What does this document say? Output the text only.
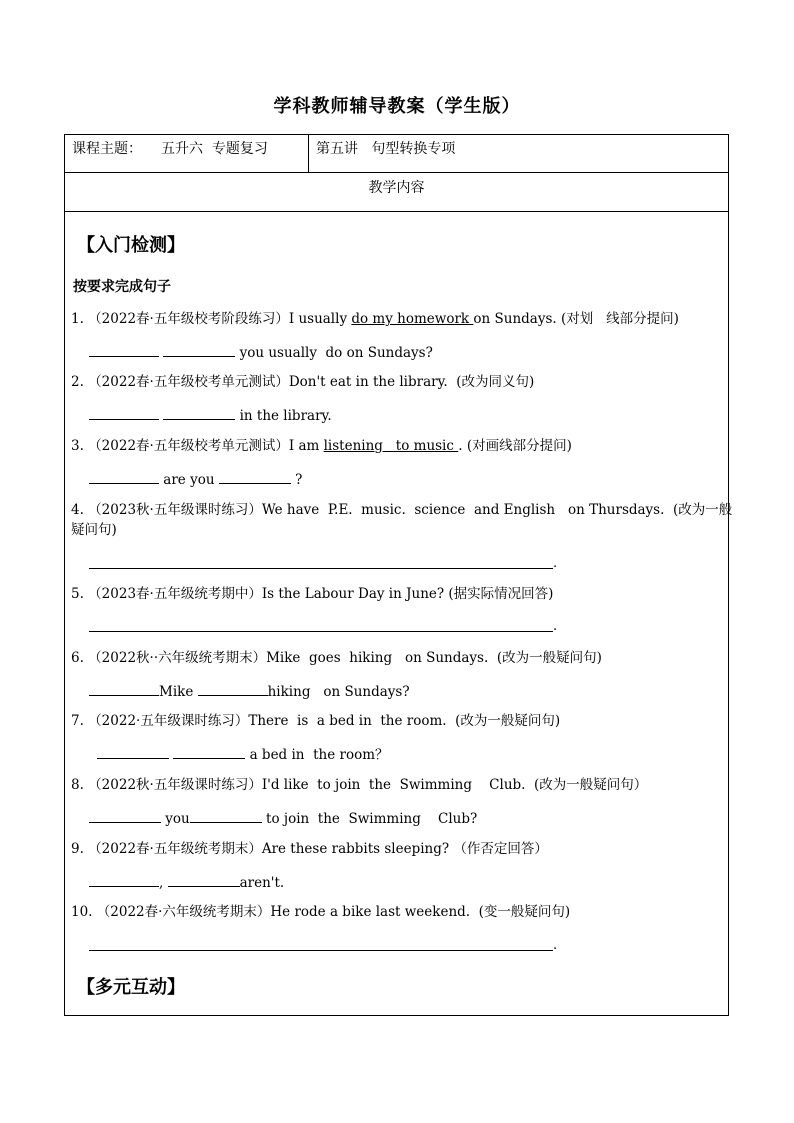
学科教师辅导教案（学生版）
课程主题： 五升六  专题复习	第五讲   句型转换专项
教学内容
【入门检测】
按要求完成句子
1. （2022春·五年级校考阶段练习）I usually do my homework on Sundays. (对划   线部分提问)
you usually  do on Sundays?
2. （2022春·五年级校考单元测试）Don't eat in the library.  (改为同义句)
in the library.
3. （2022春·五年级校考单元测试）I am listening   to music . (对画线部分提问)
are you	?
4. （2023秋·五年级课时练习）We have  P.E.  music.  science  and English   on Thursdays.  (改为一般
疑问句)
.
5. （2023春·五年级统考期中）Is the Labour Day in June? (据实际情况回答)
.
6. （2022秋··六年级统考期末）Mike  goes  hiking   on Sundays.  (改为一般疑问句)
Mike	hiking   on Sundays?
7. （2022·五年级课时练习）There  is  a bed in  the room.  (改为一般疑问句)
a bed in  the room？
8. （2022秋·五年级课时练习）I'd like  to join  the  Swimming    Club.  (改为一般疑问句）
you	to join  the  Swimming    Club?
9. （2022春·五年级统考期末）Are these rabbits sleeping? （作否定回答）
,	aren't.
10. （2022春·六年级统考期末）He rode a bike last weekend.  (变一般疑问句)
.
【多元互动】
